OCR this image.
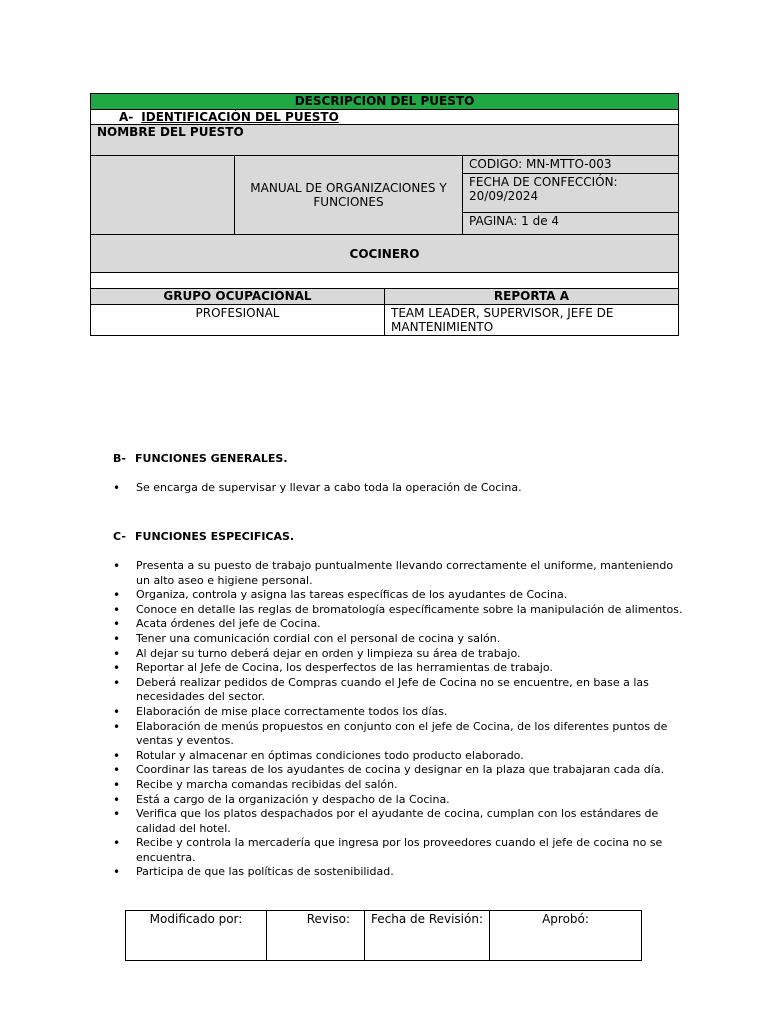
DESCRIPCION DEL PUESTO			
A- IDENTIFICACIÓN DEL PUESTO			
NOMBRE DEL PUESTO			
	MANUAL DE ORGANIZACIONES Y FUNCIONES		CODIGO: MN-MTTO-003
			FECHA DE CONFECCIÓN: 20/09/2024
			PAGINA: 1 de 4
COCINERO			

GRUPO OCUPACIONAL		REPORTA A	
PROFESIONAL		TEAM LEADER, SUPERVISOR, JEFE DE MANTENIMIENTO	
B- FUNCIONES GENERALES.
• Se encarga de supervisar y llevar a cabo toda la operación de Cocina.
C- FUNCIONES ESPECIFICAS.
• Presenta a su puesto de trabajo puntualmente llevando correctamente el uniforme, manteniendo un alto aseo e higiene personal.
• Organiza, controla y asigna las tareas específicas de los ayudantes de Cocina.
• Conoce en detalle las reglas de bromatología específicamente sobre la manipulación de alimentos.
• Acata órdenes del jefe de Cocina.
• Tener una comunicación cordial con el personal de cocina y salón.
• Al dejar su turno deberá dejar en orden y limpieza su área de trabajo.
• Reportar al Jefe de Cocina, los desperfectos de las herramientas de trabajo.
• Deberá realizar pedidos de Compras cuando el Jefe de Cocina no se encuentre, en base a las necesidades del sector.
• Elaboración de mise place correctamente todos los días.
• Elaboración de menús propuestos en conjunto con el jefe de Cocina, de los diferentes puntos de ventas y eventos.
• Rotular y almacenar en óptimas condiciones todo producto elaborado.
• Coordinar las tareas de los ayudantes de cocina y designar en la plaza que trabajaran cada día.
• Recibe y marcha comandas recibidas del salón.
• Está a cargo de la organización y despacho de la Cocina.
• Verifica que los platos despachados por el ayudante de cocina, cumplan con los estándares de calidad del hotel.
• Recibe y controla la mercadería que ingresa por los proveedores cuando el jefe de cocina no se encuentra.
• Participa de que las políticas de sostenibilidad.
Modificado por:	Reviso:	Fecha de Revisión:	Aprobó:
